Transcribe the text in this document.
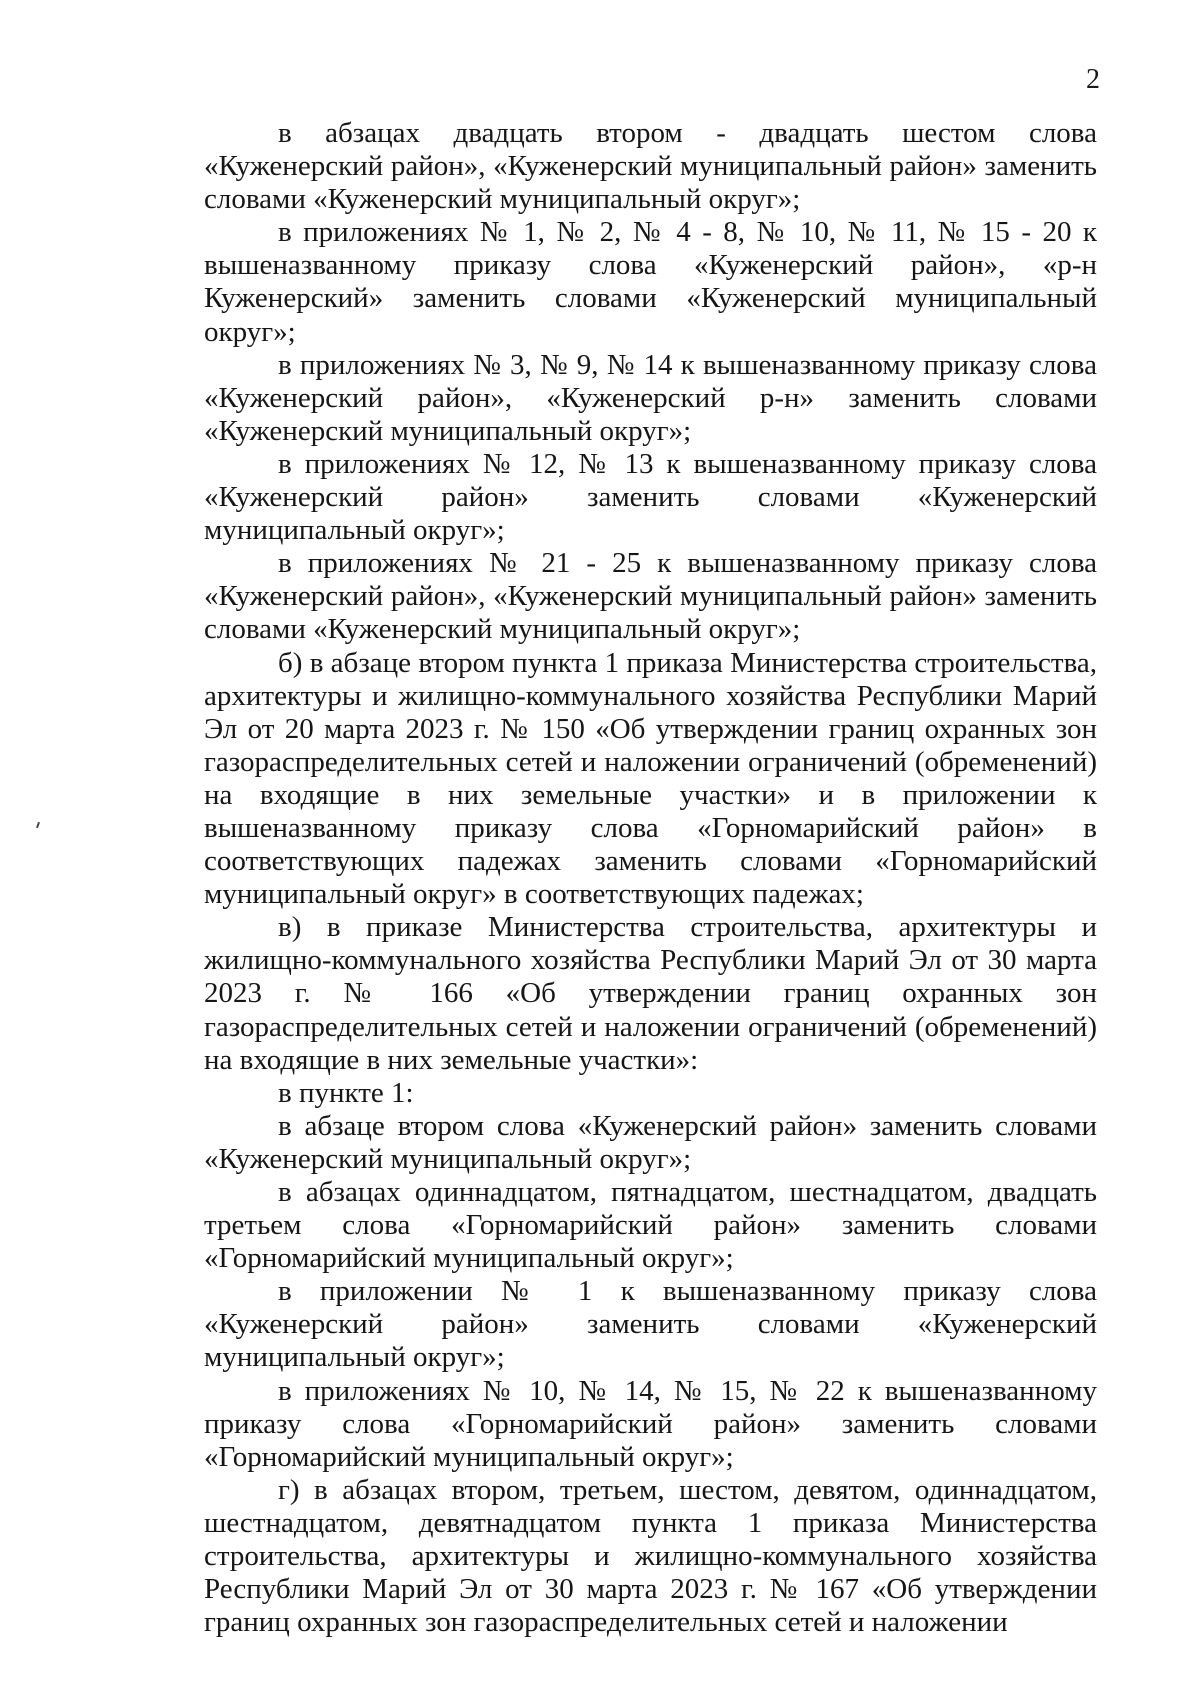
2

в абзацах двадцать втором - двадцать шестом слова «Куженерский район», «Куженерский муниципальный район» заменить словами «Куженерский муниципальный округ»;

в приложениях № 1, № 2, № 4 - 8, № 10, № 11, № 15 - 20 к вышеназванному приказу слова «Куженерский район», «р-н Куженерский» заменить словами «Куженерский муниципальный округ»;

в приложениях № 3, № 9, № 14 к вышеназванному приказу слова «Куженерский район», «Куженерский р-н» заменить словами «Куженерский муниципальный округ»;

в приложениях № 12, № 13 к вышеназванному приказу слова «Куженерский район» заменить словами «Куженерский муниципальный округ»;

в приложениях № 21 - 25 к вышеназванному приказу слова «Куженерский район», «Куженерский муниципальный район» заменить словами «Куженерский муниципальный округ»;

б) в абзаце втором пункта 1 приказа Министерства строительства, архитектуры и жилищно-коммунального хозяйства Республики Марий Эл от 20 марта 2023 г. № 150 «Об утверждении границ охранных зон газораспределительных сетей и наложении ограничений (обременений) на входящие в них земельные участки» и в приложении к вышеназванному приказу слова «Горномарийский район» в соответствующих падежах заменить словами «Горномарийский муниципальный округ» в соответствующих падежах;

в) в приказе Министерства строительства, архитектуры и жилищно-коммунального хозяйства Республики Марий Эл от 30 марта 2023 г. № 166 «Об утверждении границ охранных зон газораспределительных сетей и наложении ограничений (обременений) на входящие в них земельные участки»:

в пункте 1:

в абзаце втором слова «Куженерский район» заменить словами «Куженерский муниципальный округ»;

в абзацах одиннадцатом, пятнадцатом, шестнадцатом, двадцать третьем слова «Горномарийский район» заменить словами «Горномарийский муниципальный округ»;

в приложении № 1 к вышеназванному приказу слова «Куженерский район» заменить словами «Куженерский муниципальный округ»;

в приложениях № 10, № 14, № 15, № 22 к вышеназванному приказу слова «Горномарийский район» заменить словами «Горномарийский муниципальный округ»;

г) в абзацах втором, третьем, шестом, девятом, одиннадцатом, шестнадцатом, девятнадцатом пункта 1 приказа Министерства строительства, архитектуры и жилищно-коммунального хозяйства Республики Марий Эл от 30 марта 2023 г. № 167 «Об утверждении границ охранных зон газораспределительных сетей и наложении
